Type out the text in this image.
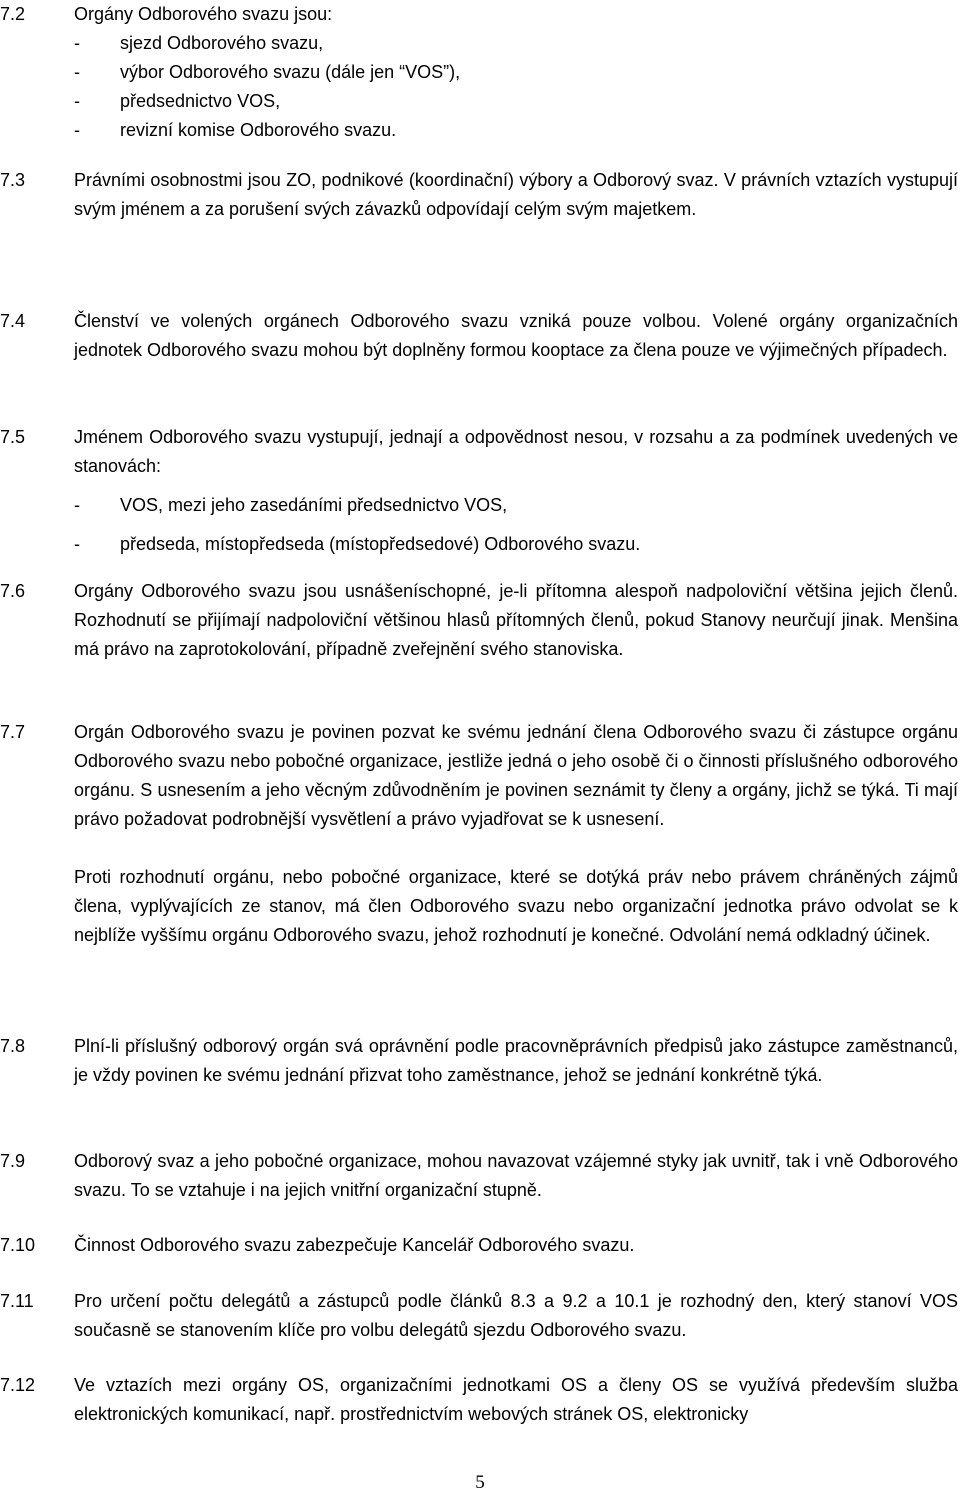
7.2	Orgány Odborového svazu jsou:
- sjezd Odborového svazu,
- výbor Odborového svazu (dále jen “VOS”),
- předsednictvo VOS,
- revizní komise Odborového svazu.
7.3	Právními osobnostmi jsou ZO, podnikové (koordinační) výbory a Odborový svaz. V právních vztazích vystupují svým jménem a za porušení svých závazků odpovídají celým svým majetkem.

7.4	Členství ve volených orgánech Odborového svazu vzniká pouze volbou. Volené orgány organizačních jednotek Odborového svazu mohou být doplněny formou kooptace za člena pouze ve výjimečných případech.

7.5	Jménem Odborového svazu vystupují, jednají a odpovědnost nesou, v rozsahu a za podmínek uvedených ve stanovách:
- VOS, mezi jeho zasedáními předsednictvo VOS,
- předseda, místopředseda (místopředsedové) Odborového svazu.
7.6	Orgány Odborového svazu jsou usnášeníschopné, je-li přítomna alespoň nadpoloviční většina jejich členů. Rozhodnutí se přijímají nadpoloviční většinou hlasů přítomných členů, pokud Stanovy neurčují jinak. Menšina má právo na zaprotokolování, případně zveřejnění svého stanoviska.

7.7	Orgán Odborového svazu je povinen pozvat ke svému jednání člena Odborového svazu či zástupce orgánu Odborového svazu nebo pobočné organizace, jestliže jedná o jeho osobě či o činnosti příslušného odborového orgánu. S usnesením a jeho věcným zdůvodněním je povinen seznámit ty členy a orgány, jichž se týká. Ti mají právo požadovat podrobnější vysvětlení a právo vyjadřovat se k usnesení.

Proti rozhodnutí orgánu, nebo pobočné organizace, které se dotýká práv nebo právem chráněných zájmů člena, vyplývajících ze stanov, má člen Odborového svazu nebo organizační jednotka právo odvolat se k nejblíže vyššímu orgánu Odborového svazu, jehož rozhodnutí je konečné. Odvolání nemá odkladný účinek.

7.8	Plní-li příslušný odborový orgán svá oprávnění podle pracovněprávních předpisů jako zástupce zaměstnanců, je vždy povinen ke svému jednání přizvat toho zaměstnance, jehož se jednání konkrétně týká.

7.9	Odborový svaz a jeho pobočné organizace, mohou navazovat vzájemné styky jak uvnitř, tak i vně Odborového svazu. To se vztahuje i na jejich vnitřní organizační stupně.

7.10	Činnost Odborového svazu zabezpečuje Kancelář Odborového svazu.

7.11	Pro určení počtu delegátů a zástupců podle článků 8.3 a 9.2 a 10.1 je rozhodný den, který stanoví VOS současně se stanovením klíče pro volbu delegátů sjezdu Odborového svazu.

7.12	Ve vztazích mezi orgány OS, organizačními jednotkami OS a členy OS se využívá především služba elektronických komunikací, např. prostřednictvím webových stránek OS, elektronicky

5
